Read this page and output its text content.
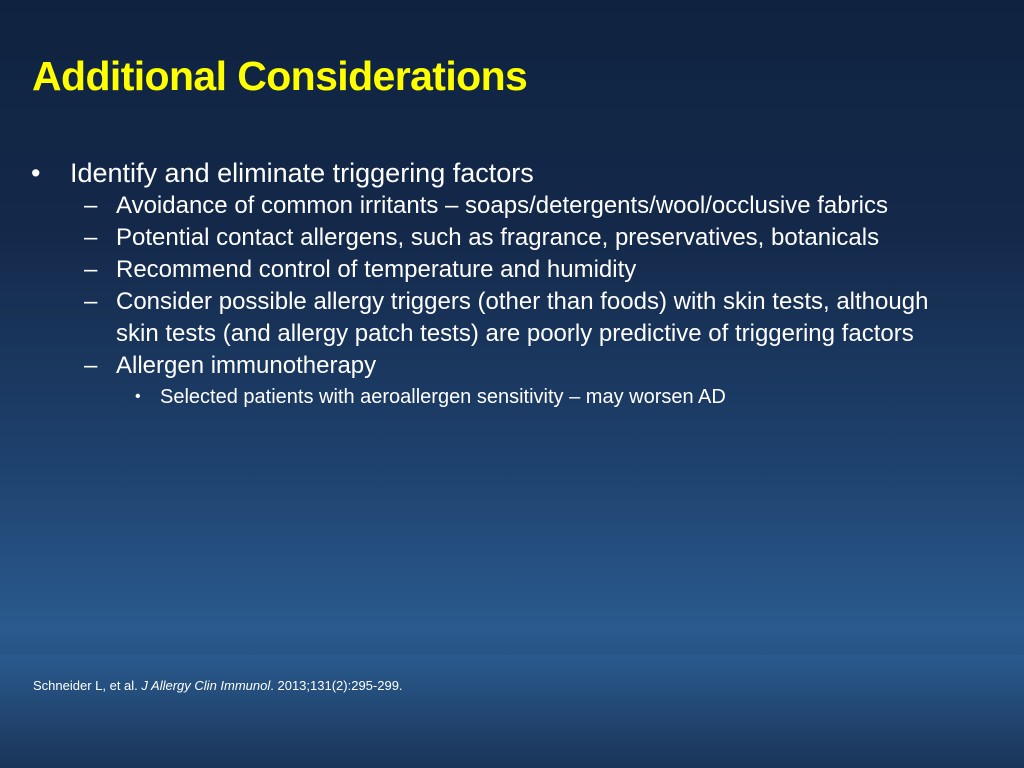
Additional Considerations
• Identify and eliminate triggering factors
– Avoidance of common irritants – soaps/detergents/wool/occlusive fabrics
– Potential contact allergens, such as fragrance, preservatives, botanicals
– Recommend control of temperature and humidity
– Consider possible allergy triggers (other than foods) with skin tests, although skin tests (and allergy patch tests) are poorly predictive of triggering factors
– Allergen immunotherapy
• Selected patients with aeroallergen sensitivity – may worsen AD
Schneider L, et al. J Allergy Clin Immunol. 2013;131(2):295-299.
